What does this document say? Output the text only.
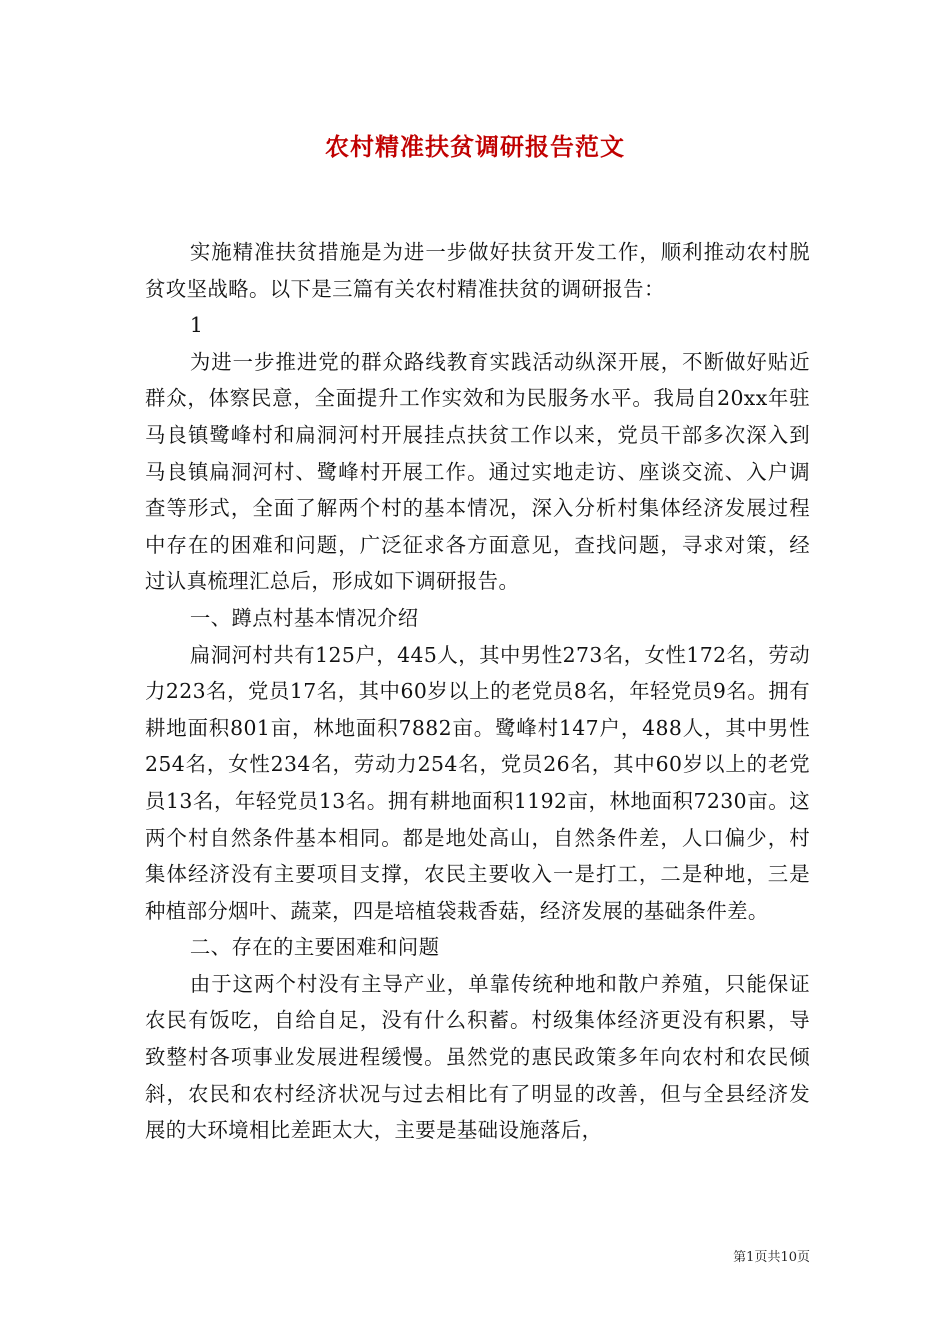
农村精准扶贫调研报告范文

实施精准扶贫措施是为进一步做好扶贫开发工作，顺利推动农村脱贫攻坚战略。以下是三篇有关农村精准扶贫的调研报告：

1

为进一步推进党的群众路线教育实践活动纵深开展，不断做好贴近群众，体察民意，全面提升工作实效和为民服务水平。我局自20xx年驻马良镇鹭峰村和扁洞河村开展挂点扶贫工作以来，党员干部多次深入到马良镇扁洞河村、鹭峰村开展工作。通过实地走访、座谈交流、入户调查等形式，全面了解两个村的基本情况，深入分析村集体经济发展过程中存在的困难和问题，广泛征求各方面意见，查找问题，寻求对策，经过认真梳理汇总后，形成如下调研报告。

一、蹲点村基本情况介绍

扁洞河村共有125户，445人，其中男性273名，女性172名，劳动力223名，党员17名，其中60岁以上的老党员8名，年轻党员9名。拥有耕地面积801亩，林地面积7882亩。鹭峰村147户，488人，其中男性254名，女性234名，劳动力254名，党员26名，其中60岁以上的老党员13名，年轻党员13名。拥有耕地面积1192亩，林地面积7230亩。这两个村自然条件基本相同。都是地处高山，自然条件差，人口偏少，村集体经济没有主要项目支撑，农民主要收入一是打工，二是种地，三是种植部分烟叶、蔬菜，四是培植袋栽香菇，经济发展的基础条件差。

二、存在的主要困难和问题

由于这两个村没有主导产业，单靠传统种地和散户养殖，只能保证农民有饭吃，自给自足，没有什么积蓄。村级集体经济更没有积累，导致整村各项事业发展进程缓慢。虽然党的惠民政策多年向农村和农民倾斜，农民和农村经济状况与过去相比有了明显的改善，但与全县经济发展的大环境相比差距太大，主要是基础设施落后，

第1页共10页
